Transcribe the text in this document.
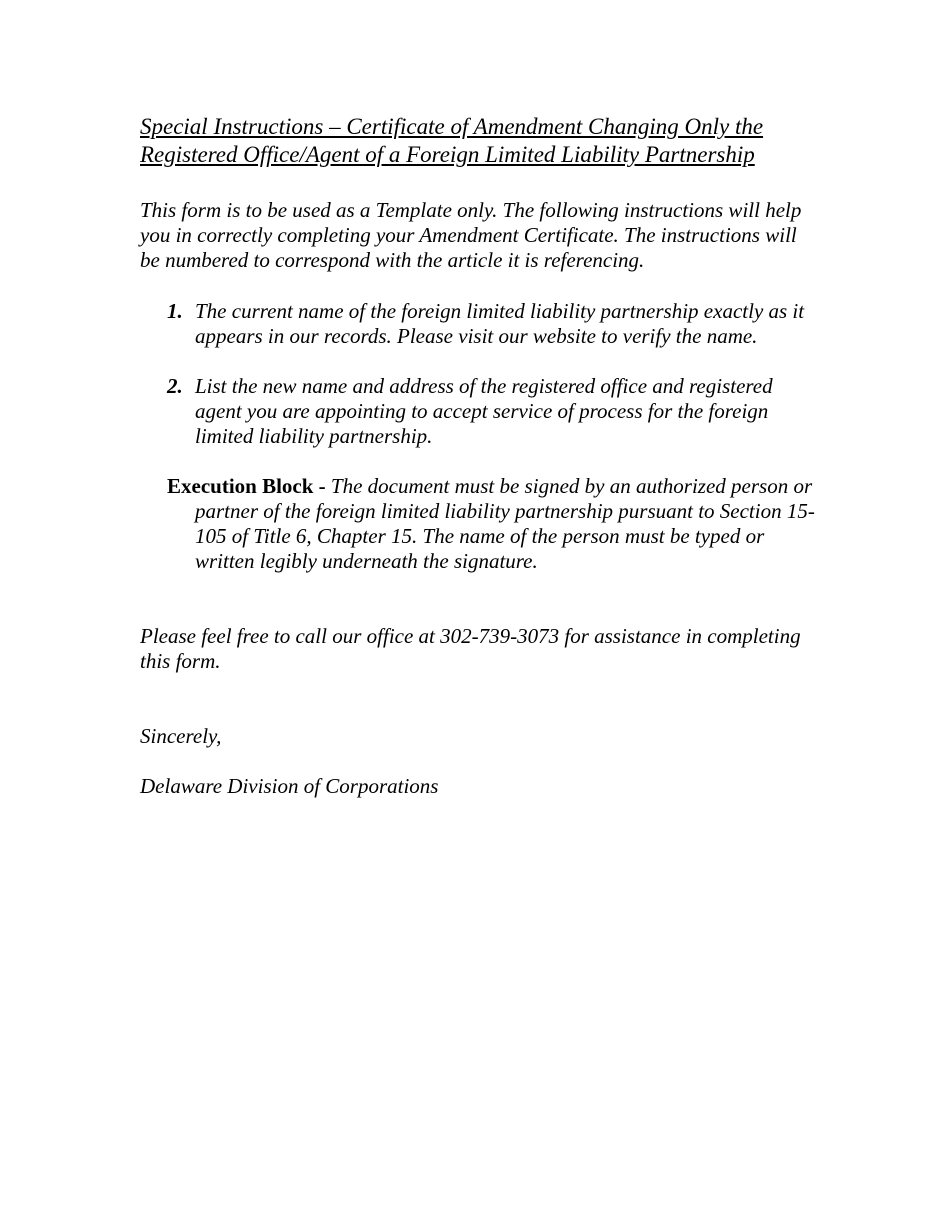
Special Instructions – Certificate of Amendment Changing Only the Registered Office/Agent of a Foreign Limited Liability Partnership

This form is to be used as a Template only. The following instructions will help you in correctly completing your Amendment Certificate. The instructions will be numbered to correspond with the article it is referencing.

1. The current name of the foreign limited liability partnership exactly as it appears in our records. Please visit our website to verify the name.
2. List the new name and address of the registered office and registered agent you are appointing to accept service of process for the foreign limited liability partnership.

Execution Block - The document must be signed by an authorized person or partner of the foreign limited liability partnership pursuant to Section 15-105 of Title 6, Chapter 15. The name of the person must be typed or written legibly underneath the signature.

Please feel free to call our office at 302-739-3073 for assistance in completing this form.

Sincerely,

Delaware Division of Corporations
